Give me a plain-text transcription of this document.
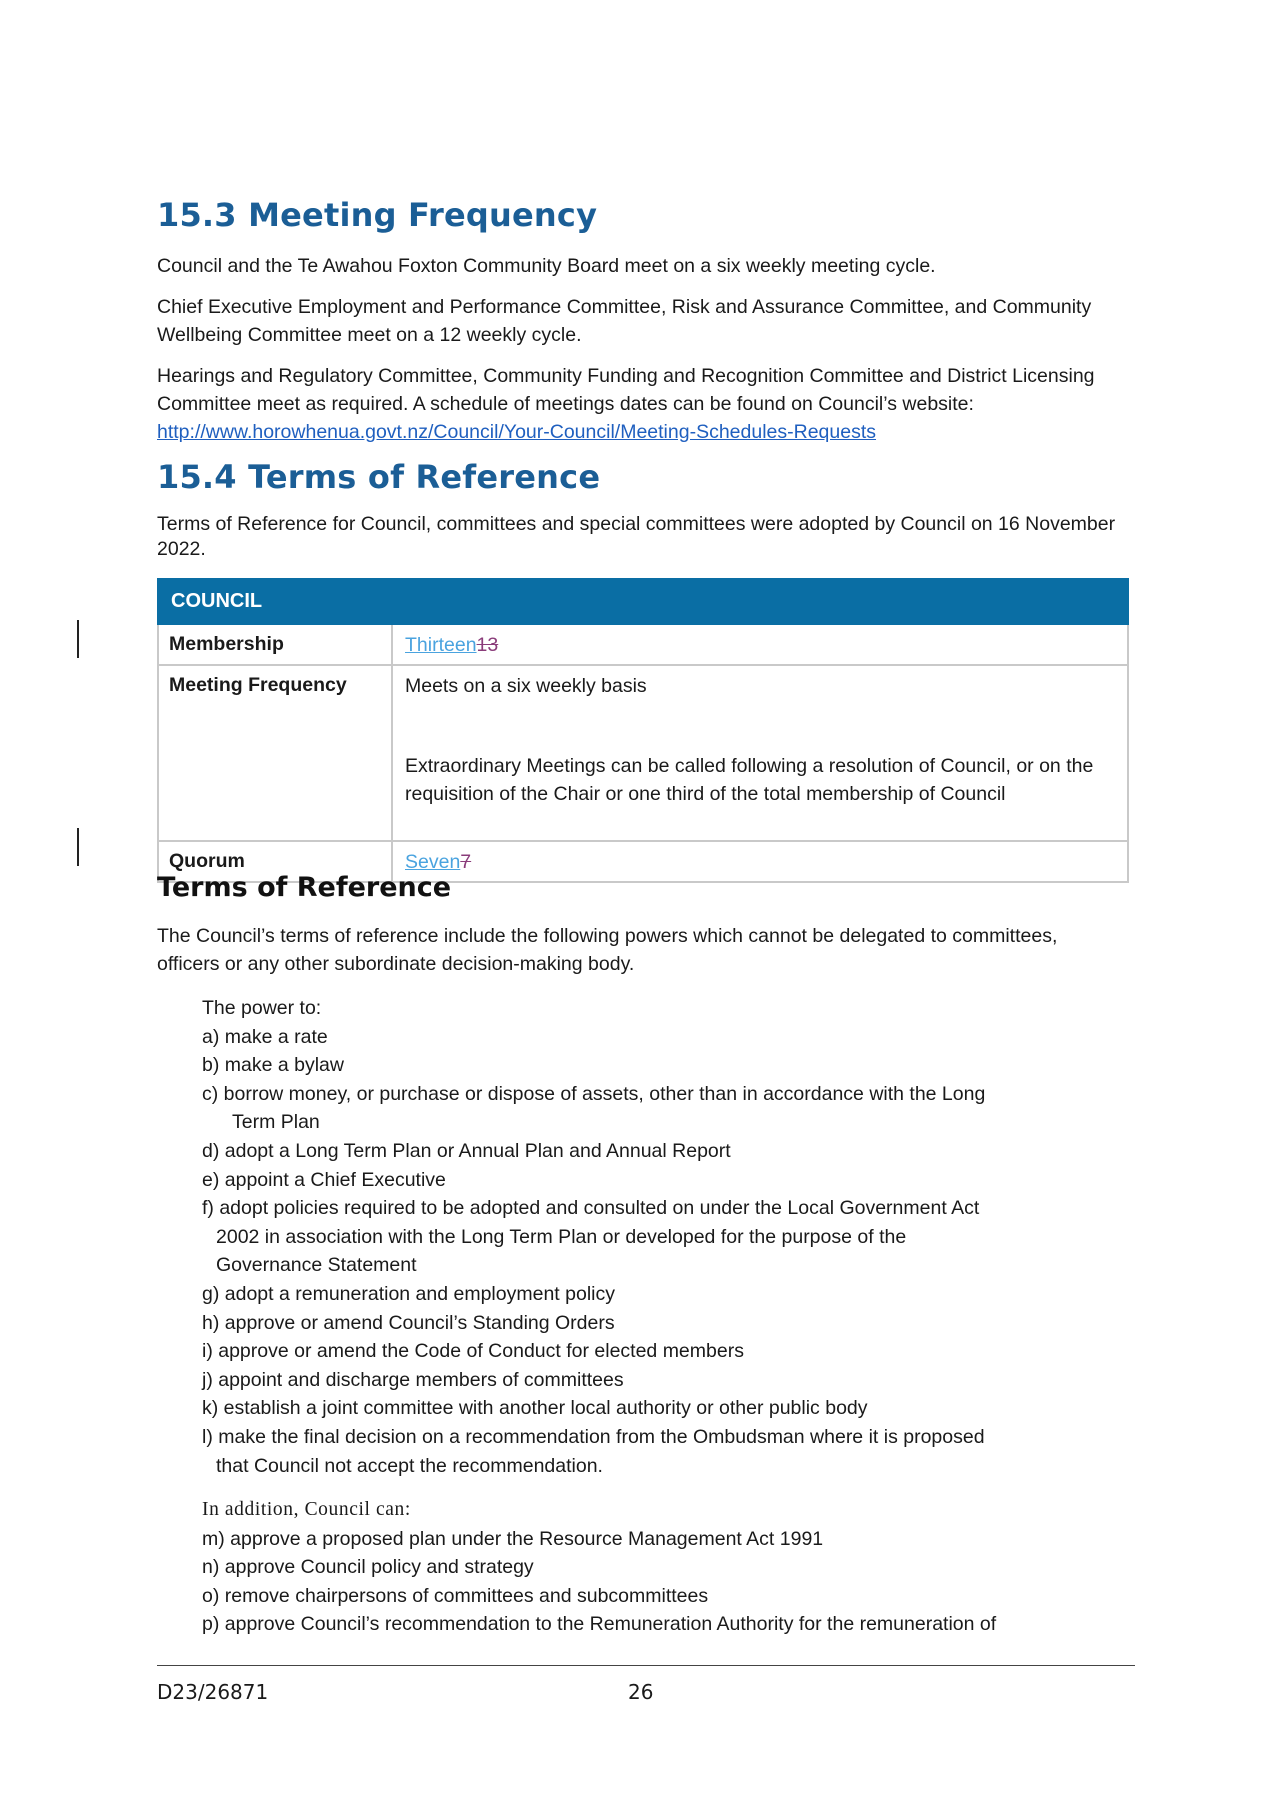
15.3 Meeting Frequency

Council and the Te Awahou Foxton Community Board meet on a six weekly meeting cycle.

Chief Executive Employment and Performance Committee, Risk and Assurance Committee, and Community Wellbeing Committee meet on a 12 weekly cycle.

Hearings and Regulatory Committee, Community Funding and Recognition Committee and District Licensing Committee meet as required. A schedule of meetings dates can be found on Council’s website: http://www.horowhenua.govt.nz/Council/Your-Council/Meeting-Schedules-Requests

15.4 Terms of Reference

Terms of Reference for Council, committees and special committees were adopted by Council on 16 November 2022.

COUNCIL	
Membership	Thirteen13
Meeting Frequency	Meets on a six weekly basis
Extraordinary Meetings can be called following a resolution of Council, or on the requisition of the Chair or one third of the total membership of Council

Quorum	Seven7
Terms of Reference

The Council’s terms of reference include the following powers which cannot be delegated to committees, officers or any other subordinate decision-making body.

The power to:
a) make a rate
b) make a bylaw
c) borrow money, or purchase or dispose of assets, other than in accordance with the Long
Term Plan
d) adopt a Long Term Plan or Annual Plan and Annual Report
e) appoint a Chief Executive
f) adopt policies required to be adopted and consulted on under the Local Government Act
2002 in association with the Long Term Plan or developed for the purpose of the
Governance Statement
g) adopt a remuneration and employment policy
h) approve or amend Council’s Standing Orders
i) approve or amend the Code of Conduct for elected members
j) appoint and discharge members of committees
k) establish a joint committee with another local authority or other public body
l) make the final decision on a recommendation from the Ombudsman where it is proposed
that Council not accept the recommendation.
In addition, Council can:
m) approve a proposed plan under the Resource Management Act 1991
n) approve Council policy and strategy
o) remove chairpersons of committees and subcommittees
p) approve Council’s recommendation to the Remuneration Authority for the remuneration of
D23/26871	26
